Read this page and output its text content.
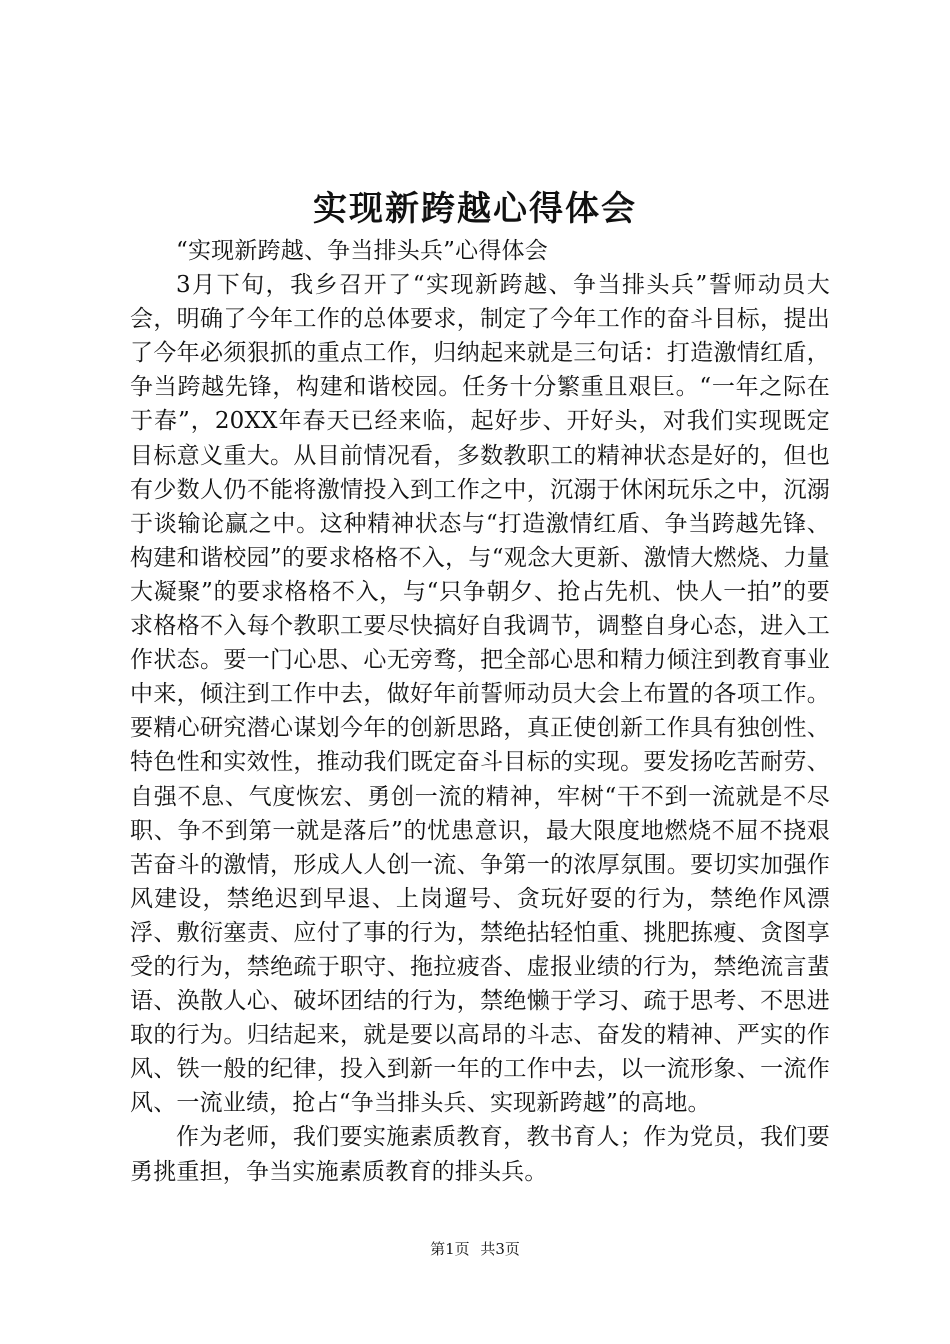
实现新跨越心得体会

“实现新跨越、争当排头兵”心得体会

3月下旬，我乡召开了“实现新跨越、争当排头兵”誓师动员大会，明确了今年工作的总体要求，制定了今年工作的奋斗目标，提出了今年必须狠抓的重点工作，归纳起来就是三句话：打造激情红盾，争当跨越先锋，构建和谐校园。任务十分繁重且艰巨。“一年之际在于春”，20XX年春天已经来临，起好步、开好头，对我们实现既定目标意义重大。从目前情况看，多数教职工的精神状态是好的，但也有少数人仍不能将激情投入到工作之中，沉溺于休闲玩乐之中，沉溺于谈输论赢之中。这种精神状态与“打造激情红盾、争当跨越先锋、构建和谐校园”的要求格格不入，与“观念大更新、激情大燃烧、力量大凝聚”的要求格格不入，与“只争朝夕、抢占先机、快人一拍”的要求格格不入每个教职工要尽快搞好自我调节，调整自身心态，进入工作状态。要一门心思、心无旁骛，把全部心思和精力倾注到教育事业中来，倾注到工作中去，做好年前誓师动员大会上布置的各项工作。要精心研究潜心谋划今年的创新思路，真正使创新工作具有独创性、特色性和实效性，推动我们既定奋斗目标的实现。要发扬吃苦耐劳、自强不息、气度恢宏、勇创一流的精神，牢树“干不到一流就是不尽职、争不到第一就是落后”的忧患意识，最大限度地燃烧不屈不挠艰苦奋斗的激情，形成人人创一流、争第一的浓厚氛围。要切实加强作风建设，禁绝迟到早退、上岗遛号、贪玩好耍的行为，禁绝作风漂浮、敷衍塞责、应付了事的行为，禁绝拈轻怕重、挑肥拣瘦、贪图享受的行为，禁绝疏于职守、拖拉疲沓、虚报业绩的行为，禁绝流言蜚语、涣散人心、破坏团结的行为，禁绝懒于学习、疏于思考、不思进取的行为。归结起来，就是要以高昂的斗志、奋发的精神、严实的作风、铁一般的纪律，投入到新一年的工作中去，以一流形象、一流作风、一流业绩，抢占“争当排头兵、实现新跨越”的高地。

作为老师，我们要实施素质教育，教书育人；作为党员，我们要勇挑重担，争当实施素质教育的排头兵。

第1页 共3页
